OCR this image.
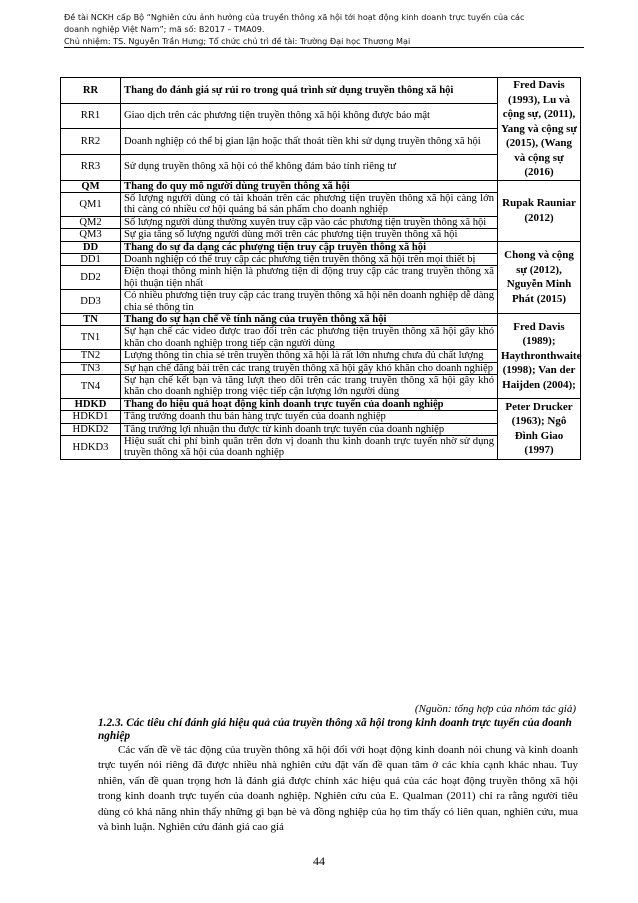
Đề tài NCKH cấp Bộ “Nghiên cứu ảnh hưởng của truyền thông xã hội tới hoạt động kinh doanh trực tuyến của các
doanh nghiệp Việt Nam”; mã số: B2017 – TMA09.
Chủ nhiệm: TS. Nguyễn Trần Hưng; Tổ chức chủ trì đề tài: Trường Đại học Thương Mại
RR	Thang đo đánh giá sự rủi ro trong quá trình sử dụng truyền thông xã hội	Fred Davis (1993), Lu và cộng sự, (2011), Yang và cộng sự (2015), (Wang và cộng sự (2016)
RR1	Giao dịch trên các phương tiện truyền thông xã hội không được bảo mật	
RR2	Doanh nghiệp có thể bị gian lận hoặc thất thoát tiền khi sử dụng truyền thông xã hội	
RR3	Sử dụng truyền thông xã hội có thể không đảm bảo tính riêng tư	
QM	Thang đo quy mô người dùng truyền thông xã hội	Rupak Rauniar (2012)
QM1	Số lượng người dùng có tài khoản trên các phương tiện truyền thông xã hội càng lớn thì càng có nhiều cơ hội quảng bá sản phẩm cho doanh nghiệp	
QM2	Số lượng người dùng thường xuyên truy cập vào các phương tiện truyền thông xã hội	
QM3	Sự gia tăng số lượng người dùng mới trên các phương tiện truyền thông xã hội	
DD	Thang đo sự đa dạng các phượng tiện truy cập truyền thông xã hội	Chong và cộng sự (2012), Nguyễn Minh Phát (2015)
DD1	Doanh nghiệp có thể truy cập các phương tiện truyền thông xã hội trên mọi thiết bị	
DD2	Điện thoại thông minh hiện là phương tiện di động truy cập các trang truyền thông xã hội thuận tiện nhất	
DD3	Có nhiều phương tiện truy cập các trang truyền thông xã hội nên doanh nghiệp dễ dàng chia sẻ thông tin	
TN	Thang đo sự hạn chế về tính năng của truyền thông xã hội	Fred Davis (1989); Haythronthwaite (1998); Van der Haijden (2004);
TN1	Sự hạn chế các video được trao đổi trên các phương tiện truyền thông xã hội gây khó khăn cho doanh nghiệp trong tiếp cận người dùng	
TN2	Lượng thông tin chia sẻ trên truyền thông xã hội là rất lớn nhưng chưa đủ chất lượng	
TN3	Sự hạn chế đăng bài trên các trang truyền thông xã hội gây khó khăn cho doanh nghiệp	
TN4	Sự hạn chế kết bạn và tăng lượt theo dõi trên các trang truyền thông xã hội gây khó khăn cho doanh nghiệp trong việc tiếp cận lượng lớn người dùng	
HDKD	Thang đo hiệu quả hoạt động kinh doanh trực tuyến của doanh nghiệp	Peter Drucker (1963); Ngô Đình Giao (1997)
HDKD1	Tăng trưởng doanh thu bán hàng trực tuyến của doanh nghiệp	
HDKD2	Tăng trưởng lợi nhuận thu được từ kinh doanh trực tuyến của doanh nghiệp	
HDKD3	Hiệu suất chi phí bình quân trên đơn vị doanh thu kinh doanh trực tuyến nhờ sử dụng truyền thông xã hội của doanh nghiệp	
(Nguồn: tổng hợp của nhóm tác giả)
1.2.3. Các tiêu chí đánh giá hiệu quả của truyền thông xã hội trong kinh doanh trực tuyến của doanh nghiệp
Các vấn đề về tác động của truyền thông xã hội đối với hoạt động kinh doanh nói chung và kinh doanh trực tuyến nói riêng đã được nhiều nhà nghiên cứu đặt vấn đề quan tâm ở các khía cạnh khác nhau. Tuy nhiên, vấn đề quan trọng hơn là đánh giá được chính xác hiệu quả của các hoạt động truyền thông xã hội trong kinh doanh trực tuyến của doanh nghiệp. Nghiên cứu của E. Qualman (2011) chỉ ra rằng người tiêu dùng có khả năng nhìn thấy những gì bạn bè và đồng nghiệp của họ tìm thấy có liên quan, nghiên cứu, mua và bình luận. Nghiên cứu đánh giá cao giá
44
